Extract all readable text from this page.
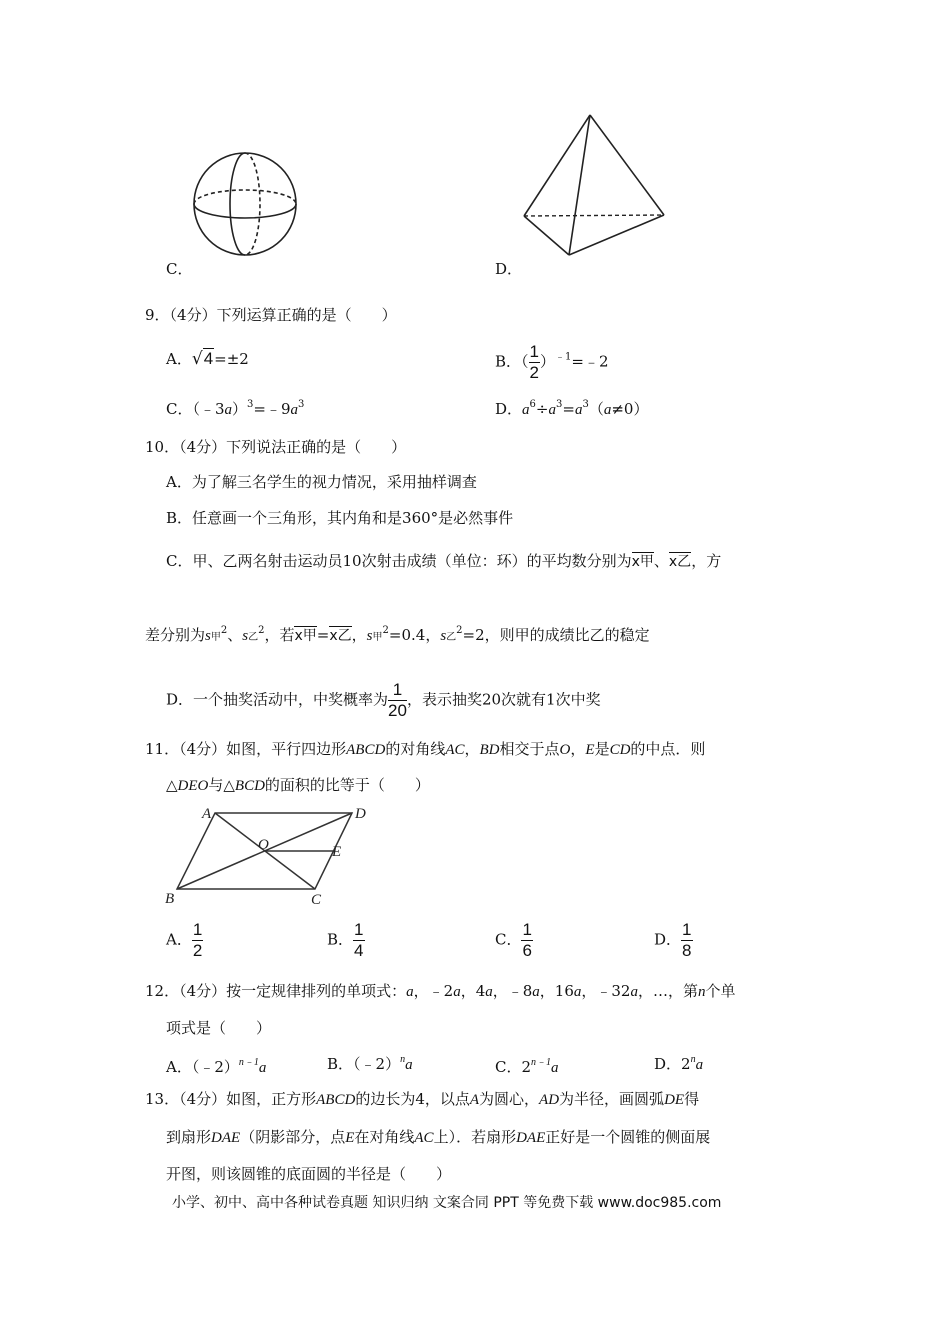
C．	D．
9．（4分）下列运算正确的是（　　）
A．√4=±2	B．（ $\frac{1}{2}$ ）$^{﹣1}$=﹣2
C．$(﹣3a)^3=﹣9a^3$	D．$a^6\div a^3=a^3(a\ne 0)$
10．（4分）下列说法正确的是（　　）
A．为了解三名学生的视力情况，采用抽样调查
B．任意画一个三角形，其内角和是360°是必然事件
C．甲、乙两名射击运动员10次射击成绩（单位：环）的平均数分别为x甲、x乙，方
差分别为s甲$^2$、s乙$^2$，若x甲=x乙，s甲$^2$=0.4，s乙$^2$=2，则甲的成绩比乙的稳定
D．一个抽奖活动中，中奖概率为 $\frac{1}{20}$ ，表示抽奖20次就有1次中奖
11．（4分）如图，平行四边形ABCD的对角线AC，BD相交于点O，E是CD的中点．则
△DEO与△BCD的面积的比等于（　　）
A	D
B	C
O	E
A． $\frac{1}{2}$	B． $\frac{1}{4}$	C． $\frac{1}{6}$	D． $\frac{1}{8}$
12．（4分）按一定规律排列的单项式：a，﹣2a，4a，﹣8a，16a，﹣32a，…，第n个单
项式是（　　）
A．（﹣2）$^{n﹣1}$a	B．（﹣2）$^n$a	C．$2^{n﹣1}a$	D．2$^n$a
13．（4分）如图，正方形ABCD的边长为4，以点A为圆心，AD为半径，画圆弧DE得
到扇形DAE（阴影部分，点E在对角线AC上）．若扇形DAE正好是一个圆锥的侧面展
开图，则该圆锥的底面圆的半径是（　　）
小学、初中、高中各种试卷真题 知识归纳 文案合同 PPT 等免费下载 www.doc985.com
